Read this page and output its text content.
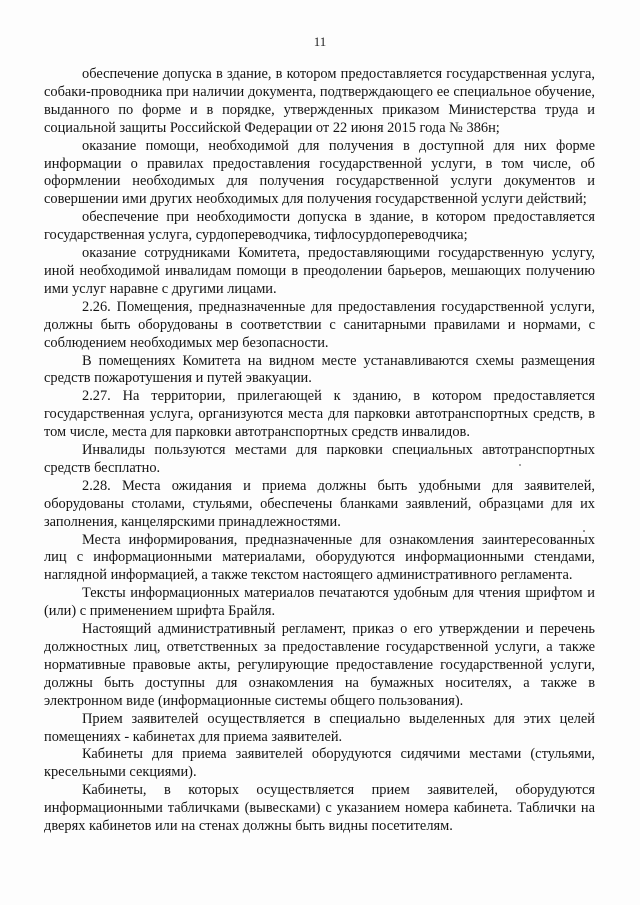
11

обеспечение допуска в здание, в котором предоставляется государственная услуга, собаки-проводника при наличии документа, подтверждающего ее специальное обучение, выданного по форме и в порядке, утвержденных приказом Министерства труда и социальной защиты Российской Федерации от 22 июня 2015 года № 386н;

оказание помощи, необходимой для получения в доступной для них форме информации о правилах предоставления государственной услуги, в том числе, об оформлении необходимых для получения государственной услуги документов и совершении ими других необходимых для получения государственной услуги действий;

обеспечение при необходимости допуска в здание, в котором предоставляется государственная услуга, сурдопереводчика, тифлосурдопереводчика;

оказание сотрудниками Комитета, предоставляющими государственную услугу, иной необходимой инвалидам помощи в преодолении барьеров, мешающих получению ими услуг наравне с другими лицами.

2.26. Помещения, предназначенные для предоставления государственной услуги, должны быть оборудованы в соответствии с санитарными правилами и нормами, с соблюдением необходимых мер безопасности.

В помещениях Комитета на видном месте устанавливаются схемы размещения средств пожаротушения и путей эвакуации.

2.27. На территории, прилегающей к зданию, в котором предоставляется государственная услуга, организуются места для парковки автотранспортных средств, в том числе, места для парковки автотранспортных средств инвалидов.

Инвалиды пользуются местами для парковки специальных автотранспортных средств бесплатно.

2.28. Места ожидания и приема должны быть удобными для заявителей, оборудованы столами, стульями, обеспечены бланками заявлений, образцами для их заполнения, канцелярскими принадлежностями.

Места информирования, предназначенные для ознакомления заинтересованных лиц с информационными материалами, оборудуются информационными стендами, наглядной информацией, а также текстом настоящего административного регламента.

Тексты информационных материалов печатаются удобным для чтения шрифтом и (или) с применением шрифта Брайля.

Настоящий административный регламент, приказ о его утверждении и перечень должностных лиц, ответственных за предоставление государственной услуги, а также нормативные правовые акты, регулирующие предоставление государственной услуги, должны быть доступны для ознакомления на бумажных носителях, а также в электронном виде (информационные системы общего пользования).

Прием заявителей осуществляется в специально выделенных для этих целей помещениях - кабинетах для приема заявителей.

Кабинеты для приема заявителей оборудуются сидячими местами (стульями, кресельными секциями).

Кабинеты, в которых осуществляется прием заявителей, оборудуются информационными табличками (вывесками) с указанием номера кабинета. Таблички на дверях кабинетов или на стенах должны быть видны посетителям.
